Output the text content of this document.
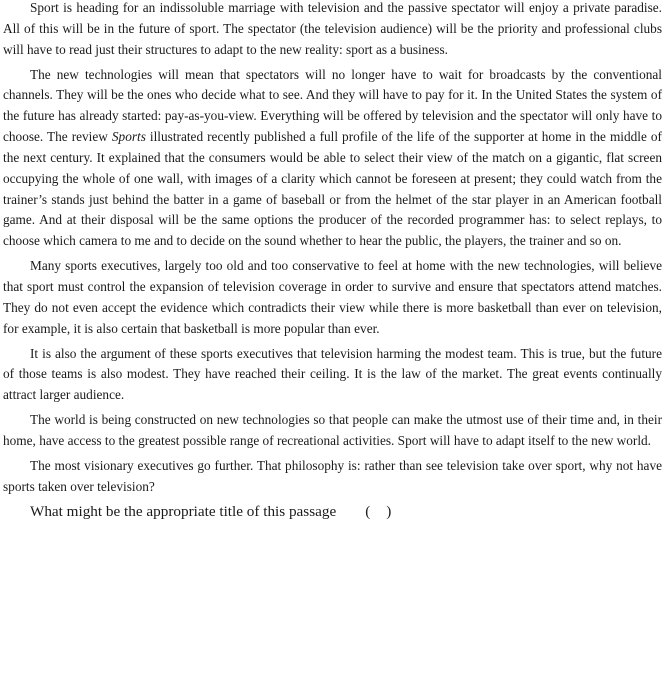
Sport is heading for an indissoluble marriage with television and the passive spectator will enjoy a private paradise. All of this will be in the future of sport. The spectator (the television audience) will be the priority and professional clubs will have to read just their structures to adapt to the new reality: sport as a business.

The new technologies will mean that spectators will no longer have to wait for broadcasts by the conventional channels. They will be the ones who decide what to see. And they will have to pay for it. In the United States the system of the future has already started: pay-as-you-view. Everything will be offered by television and the spectator will only have to choose. The review Sports illustrated recently published a full profile of the life of the supporter at home in the middle of the next century. It explained that the consumers would be able to select their view of the match on a gigantic, flat screen occupying the whole of one wall, with images of a clarity which cannot be foreseen at present; they could watch from the trainer’s stands just behind the batter in a game of baseball or from the helmet of the star player in an American football game. And at their disposal will be the same options the producer of the recorded programmer has: to select replays, to choose which camera to me and to decide on the sound whether to hear the public, the players, the trainer and so on.

Many sports executives, largely too old and too conservative to feel at home with the new technologies, will believe that sport must control the expansion of television coverage in order to survive and ensure that spectators attend matches. They do not even accept the evidence which contradicts their view while there is more basketball than ever on television, for example, it is also certain that basketball is more popular than ever.

It is also the argument of these sports executives that television harming the modest team. This is true, but the future of those teams is also modest. They have reached their ceiling. It is the law of the market. The great events continually attract larger audience.

The world is being constructed on new technologies so that people can make the utmost use of their time and, in their home, have access to the greatest possible range of recreational activities. Sport will have to adapt itself to the new world.

The most visionary executives go further. That philosophy is: rather than see television take over sport, why not have sports taken over television?

What might be the appropriate title of this passage ( )
